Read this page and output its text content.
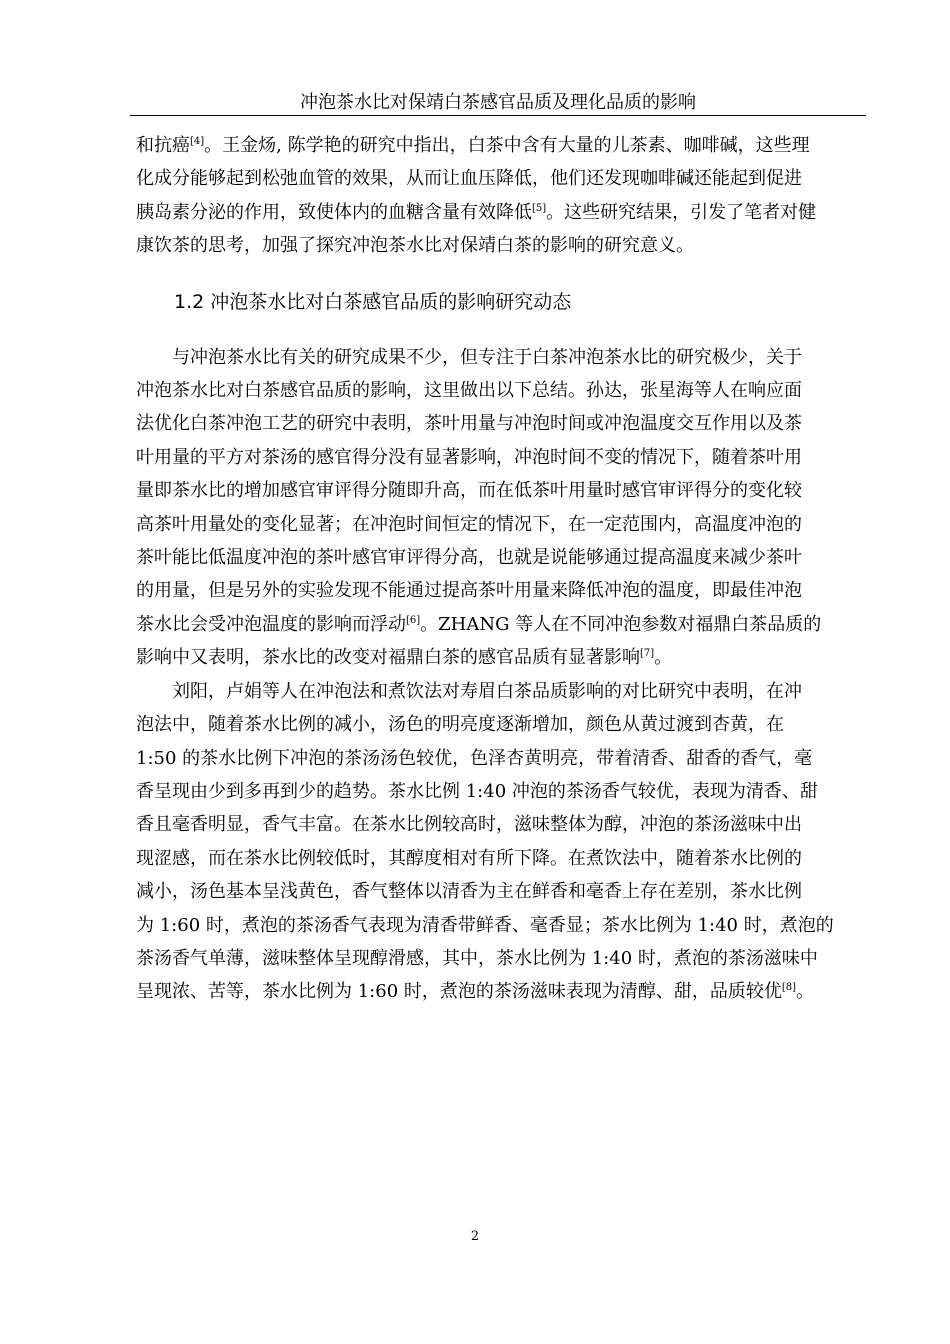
冲泡茶水比对保靖白茶感官品质及理化品质的影响

和抗癌[4]。王金炀, 陈学艳的研究中指出，白茶中含有大量的儿茶素、咖啡碱，这些理
化成分能够起到松弛血管的效果，从而让血压降低，他们还发现咖啡碱还能起到促进
胰岛素分泌的作用，致使体内的血糖含量有效降低[5]。这些研究结果，引发了笔者对健
康饮茶的思考，加强了探究冲泡茶水比对保靖白茶的影响的研究意义。

1.2 冲泡茶水比对白茶感官品质的影响研究动态

与冲泡茶水比有关的研究成果不少，但专注于白茶冲泡茶水比的研究极少，关于
冲泡茶水比对白茶感官品质的影响，这里做出以下总结。孙达，张星海等人在响应面
法优化白茶冲泡工艺的研究中表明，茶叶用量与冲泡时间或冲泡温度交互作用以及茶
叶用量的平方对茶汤的感官得分没有显著影响，冲泡时间不变的情况下，随着茶叶用
量即茶水比的增加感官审评得分随即升高，而在低茶叶用量时感官审评得分的变化较
高茶叶用量处的变化显著；在冲泡时间恒定的情况下，在一定范围内，高温度冲泡的
茶叶能比低温度冲泡的茶叶感官审评得分高，也就是说能够通过提高温度来减少茶叶
的用量，但是另外的实验发现不能通过提高茶叶用量来降低冲泡的温度，即最佳冲泡
茶水比会受冲泡温度的影响而浮动[6]。ZHANG 等人在不同冲泡参数对福鼎白茶品质的
影响中又表明，茶水比的改变对福鼎白茶的感官品质有显著影响[7]。

刘阳，卢娟等人在冲泡法和煮饮法对寿眉白茶品质影响的对比研究中表明，在冲
泡法中，随着茶水比例的减小，汤色的明亮度逐渐增加，颜色从黄过渡到杏黄，在
1:50 的茶水比例下冲泡的茶汤汤色较优，色泽杏黄明亮，带着清香、甜香的香气，毫
香呈现由少到多再到少的趋势。茶水比例 1:40 冲泡的茶汤香气较优，表现为清香、甜
香且毫香明显，香气丰富。在茶水比例较高时，滋味整体为醇，冲泡的茶汤滋味中出
现涩感，而在茶水比例较低时，其醇度相对有所下降。在煮饮法中，随着茶水比例的
减小，汤色基本呈浅黄色，香气整体以清香为主在鲜香和毫香上存在差别，茶水比例
为 1:60 时，煮泡的茶汤香气表现为清香带鲜香、毫香显；茶水比例为 1:40 时，煮泡的
茶汤香气单薄，滋味整体呈现醇滑感，其中，茶水比例为 1:40 时，煮泡的茶汤滋味中
呈现浓、苦等，茶水比例为 1:60 时，煮泡的茶汤滋味表现为清醇、甜，品质较优[8]。

2
